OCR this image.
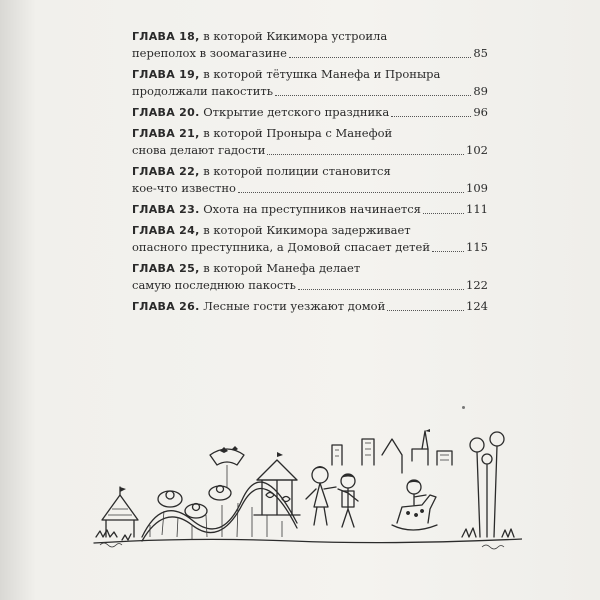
ГЛАВА 18, в которой Кикимора устроила
переполох в зоомагазине	85
ГЛАВА 19, в которой тётушка Манефа и Проныра
продолжали пакостить	89
ГЛАВА 20. Открытие детского праздника	96
ГЛАВА 21, в которой Проныра с Манефой
снова делают гадости	102
ГЛАВА 22, в которой полиции становится
кое-что известно	109
ГЛАВА 23. Охота на преступников начинается	111
ГЛАВА 24, в которой Кикимора задерживает
опасного преступника, а Домовой спасает детей	115
ГЛАВА 25, в которой Манефа делает
самую последнюю пакость	122
ГЛАВА 26. Лесные гости уезжают домой	124
